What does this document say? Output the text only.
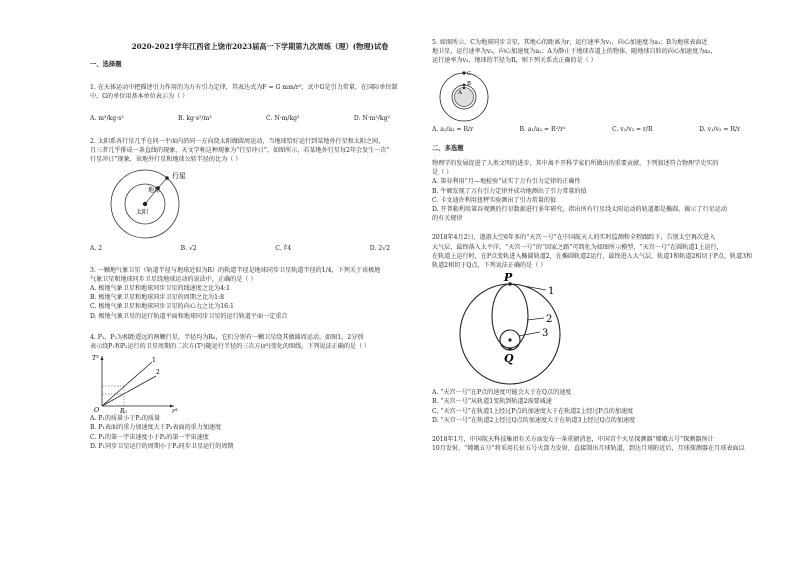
2020-2021学年江西省上饶市2023届高一下学期第九次周练（理）(物理)试卷
一、选择题
1. 在天体运动中把描述引力作用的为万有引力定律，其表达式为F = G mm/r²，式中G是引力常量，在国际单位制
中，G的单位用基本单位表示为（ ）
A. m³/kg·s²	B. kg·s²/m³	C. N·m/kg²	D. N·m²/kg²
2. 太阳系各行星几乎在同一平面内沿同一方向绕太阳做圆周运动，当地球恰好运行到某地外行星和太阳之间，
且三者几乎排成一条直线的现象，天文学称这种现象为“行星冲日”，如图所示，若某地外行星每2年会发生一次“
行星冲日”现象，该地外行星和地球公转半径的比为（ ）
行星
地球
太阳
A. 2	B. √2	C. ∛4	D. 2√2
3. 一颗地气象卫星（轨道半径与地球近似为R）的轨道半径是地球同步卫星轨道半径的1/4，下列关于该极地
气象卫星和地球同步卫星绕地球运动的说法中，正确的是（ ）
A. 极地气象卫星和地球同步卫星的线速度之比为4:1
B. 极地气象卫星和地球同步卫星的周期之比为1:8
C. 极地气象卫星和地球同步卫星的向心力之比为16:1
D. 极地气象卫星的运行轨道平面和地球同步卫星的运行轨道平面一定重合
4. P₁、P₂为相距遥远的两颗行星，半径均为R₀，它们分别有一颗卫星绕其做圆周运动，如图1、2分别
表示绕P₁和P₂运行的卫星周期的二次方(T²)随运行半径的三次方(r³)变化的图线，下列说法正确的是（ ）
T²
r³
O	R₀
1
2
A. P₁的质量小于P₂的质量
B. P₁表面的重力加速度大于P₂表面的重力加速度
C. P₁的第一宇宙速度小于P₂的第一宇宙速度
D. P₁同步卫星运行的周期小于P₂同步卫星运行的周期
5. 如图所示，C为地球同步卫星，其地心的距离为r，运行速率为v₁，向心加速度为a₁；B为地球表面近
地卫星，运行速率为v₂，向心加速度为a₂；A为静止于地球赤道上的物体，随地球自转的向心加速度为a₃，
运行速率为v₃，地球的半径为R，则下列关系式正确的是（ ）
C
B
A
A. a₁/a₃ = R/r	B. a₁/a₂ = R²/r²	C. v₁/v₃ = r/R	D. v₁/v₂ = R/r
二、多选题
物理学的发展促进了人类文明的进步，其中离不开科学家们所做出的重要贡献，下列叙述符合物理学史实的
是（ ）
A. 第谷利用“月—地检验”证实了万有引力定律的正确性
B. 牛顿发现了万有引力定律并成功地测出了引力常量的值
C. 卡文迪许利用扭秤实验测出了引力常量的值
D. 开普勒利用第谷观测的行星数据进行多年研究，指出所有行星绕太阳运动的轨道都是椭圆，揭示了行星运动
的有关规律
2018年4月2日，遨游太空6年多的“天宫一号”在中国航天人的实时监测和全程跟踪下，告别太空再次进入
大气层，最终落入太平洋，“天宫一号”的“回家之路”可简化为如图所示模型，“天宫一号”在圆轨道1上运行，
在轨道上运行时，在P点变轨进入椭圆轨道2，在椭圆轨道2运行，最终进入大气层，轨道1和轨道2相切于P点，轨道3和
轨道2相切于Q点，下列说法正确的是（ ）
P
Q
1
2
3
A. “天宫一号”在P点的速度可能会大于在Q点的速度
B. “天宫一号”从轨道1变轨到轨道2需要减速
C. “天宫一号”在轨道1上经过P点的加速度大于在轨道2上经过P点的加速度
D. “天宫一号”在轨道2上经过Q点的加速度大于在轨道3上经过Q点的加速度
2018年1月，中国航天科技集团有关方面发布一条重磅消息，中国首个火星探测器“嫦娥五号”探测器预计
10月发射，“嫦娥五号”将采用长征五号火箭力发射，直接制出月球轨道，到达月球附近后，月球探测器在月球表面以
